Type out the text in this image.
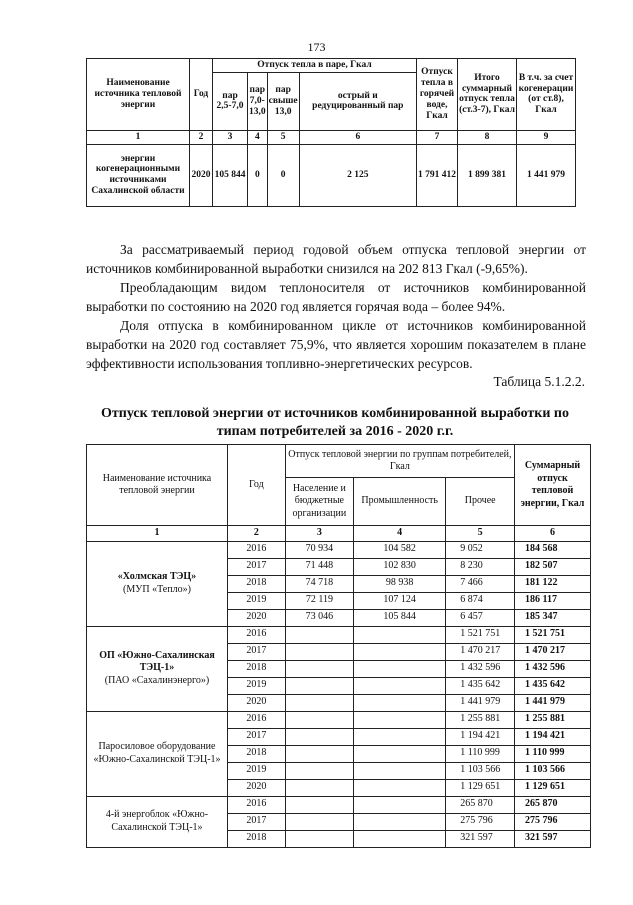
173
Наименование источника тепловой энергии	Год	Отпуск тепла в паре, Гкал				Отпуск тепла в горячей воде, Гкал	Итого суммарный отпуск тепла (ст.3-7), Гкал	В т.ч. за счет когенерации (от ст.8), Гкал
		пар 2,5-7,0	пар 7,0-13,0	пар свыше 13,0	острый и редуцированный пар			
1	2	3	4	5	6	7	8	9
энергии когенерационными источниками Сахалинской области	2020	105 844	0	0	2 125	1 791 412	1 899 381	1 441 979

За рассматриваемый период годовой объем отпуска тепловой энергии от источников комбинированной выработки снизился на 202 813 Гкал (-9,65%).

Преобладающим видом теплоносителя от источников комбинированной выработки по состоянию на 2020 год является горячая вода – более 94%.

Доля отпуска в комбинированном цикле от источников комбинированной выработки на 2020 год составляет 75,9%, что является хорошим показателем в плане эффективности использования топливно-энергетических ресурсов.

Таблица 5.1.2.2.
Отпуск тепловой энергии от источников комбинированной выработки по типам потребителей за 2016 - 2020 г.г.
Наименование источника тепловой энергии	Год	Отпуск тепловой энергии по группам потребителей, Гкал			Суммарный отпуск тепловой энергии, Гкал
		Население и бюджетные организации	Промышленность	Прочее	
1	2	3	4	5	6

«Холмская ТЭЦ»
(МУП «Тепло»)	2016	70 934	104 582	9 052	184 568
	2017	71 448	102 830	8 230	182 507
	2018	74 718	98 938	7 466	181 122
	2019	72 119	107 124	6 874	186 117
	2020	73 046	105 844	6 457	185 347

ОП «Южно-Сахалинская ТЭЦ-1»
(ПАО «Сахалинэнерго»)	2016			1 521 751	1 521 751
	2017			1 470 217	1 470 217
	2018			1 432 596	1 432 596
	2019			1 435 642	1 435 642
	2020			1 441 979	1 441 979

Паросиловое оборудование «Южно-Сахалинской ТЭЦ-1»	2016			1 255 881	1 255 881
	2017			1 194 421	1 194 421
	2018			1 110 999	1 110 999
	2019			1 103 566	1 103 566
	2020			1 129 651	1 129 651

4-й энергоблок «Южно-Сахалинской ТЭЦ-1»	2016			265 870	265 870
	2017			275 796	275 796
	2018			321 597	321 597
